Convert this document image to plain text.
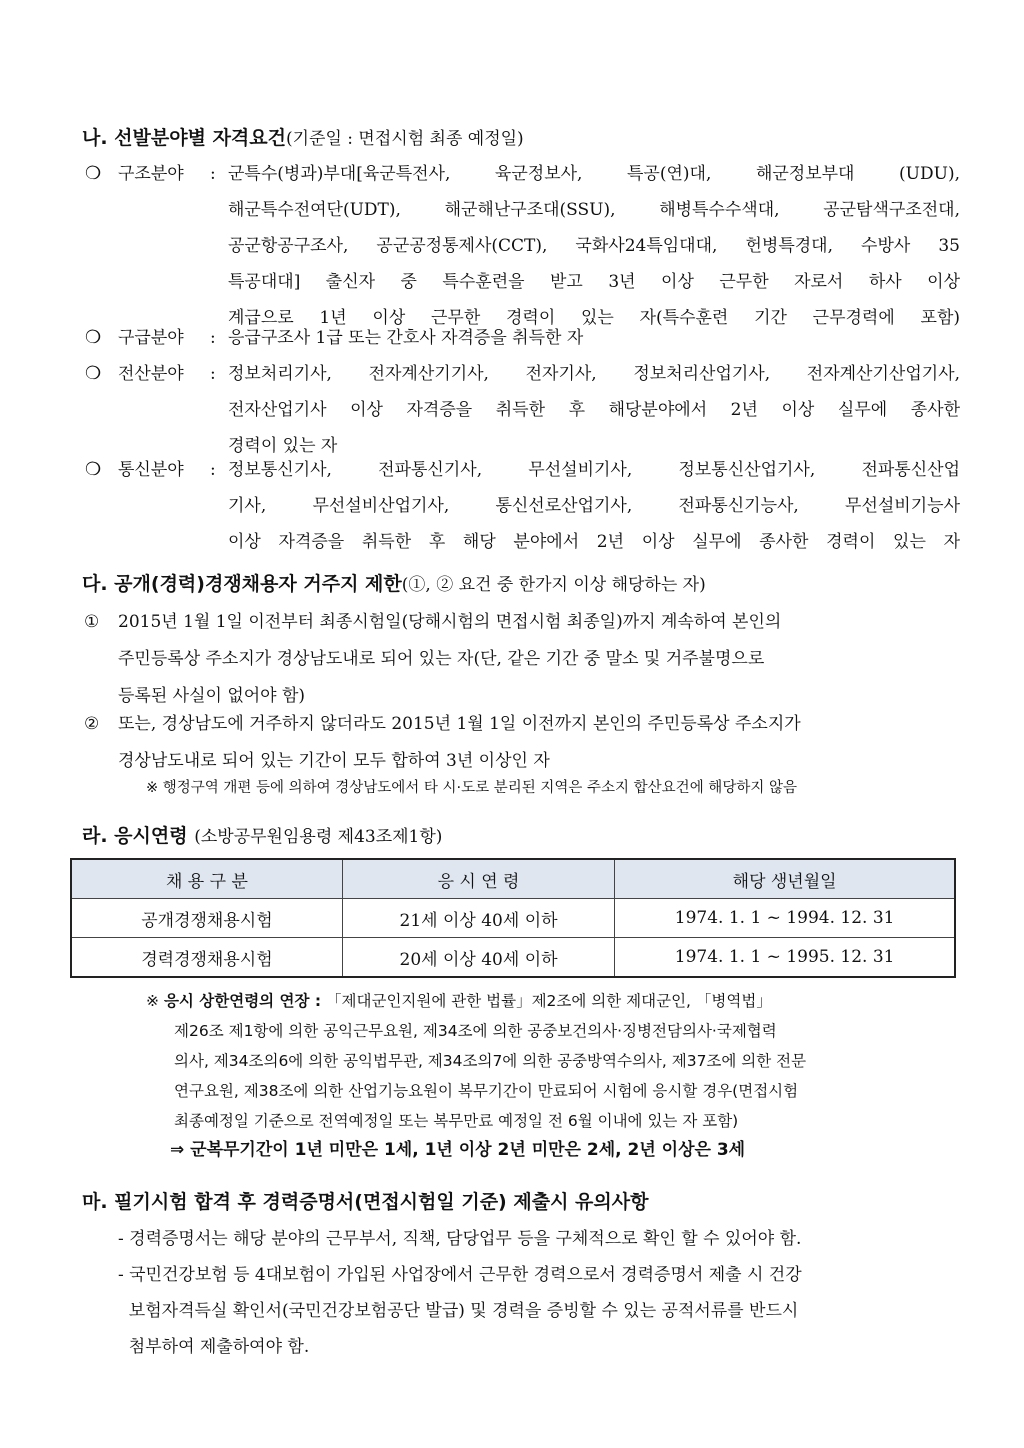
나. 선발분야별 자격요건(기준일 : 면접시험 최종 예정일)
❍ 구조분야 : 군특수(병과)부대[육군특전사, 육군정보사, 특공(연)대, 해군정보부대 (UDU),
해군특수전여단(UDT), 해군해난구조대(SSU), 해병특수수색대, 공군탐색구조전대,
공군항공구조사, 공군공정통제사(CCT), 국화사24특임대대, 헌병특경대, 수방사 35
특공대대] 출신자 중 특수훈련을 받고 3년 이상 근무한 자로서 하사 이상
계급으로 1년 이상 근무한 경력이 있는 자(특수훈련 기간 근무경력에 포함)
❍ 구급분야 : 응급구조사 1급 또는 간호사 자격증을 취득한 자
❍ 전산분야 : 정보처리기사, 전자계산기기사, 전자기사, 정보처리산업기사, 전자계산기산업기사,
전자산업기사 이상 자격증을 취득한 후 해당분야에서 2년 이상 실무에 종사한
경력이 있는 자
❍ 통신분야 : 정보통신기사, 전파통신기사, 무선설비기사, 정보통신산업기사, 전파통신산업
기사, 무선설비산업기사, 통신선로산업기사, 전파통신기능사, 무선설비기능사
이상 자격증을 취득한 후 해당 분야에서 2년 이상 실무에 종사한 경력이 있는 자
다. 공개(경력)경쟁채용자 거주지 제한(①, ② 요건 중 한가지 이상 해당하는 자)
① 2015년 1월 1일 이전부터 최종시험일(당해시험의 면접시험 최종일)까지 계속하여 본인의
주민등록상 주소지가 경상남도내로 되어 있는 자(단, 같은 기간 중 말소 및 거주불명으로
등록된 사실이 없어야 함)
② 또는, 경상남도에 거주하지 않더라도 2015년 1월 1일 이전까지 본인의 주민등록상 주소지가
경상남도내로 되어 있는 기간이 모두 합하여 3년 이상인 자
※ 행정구역 개편 등에 의하여 경상남도에서 타 시·도로 분리된 지역은 주소지 합산요건에 해당하지 않음
라. 응시연령 (소방공무원임용령 제43조제1항)
채 용 구 분	응 시 연 령	해당 생년월일
공개경쟁채용시험	21세 이상 40세 이하	1974. 1. 1 ~ 1994. 12. 31
경력경쟁채용시험	20세 이상 40세 이하	1974. 1. 1 ~ 1995. 12. 31
※ 응시 상한연령의 연장 : 「제대군인지원에 관한 법률」제2조에 의한 제대군인, 「병역법」
제26조 제1항에 의한 공익근무요원, 제34조에 의한 공중보건의사·징병전담의사·국제협력
의사, 제34조의6에 의한 공익법무관, 제34조의7에 의한 공중방역수의사, 제37조에 의한 전문
연구요원, 제38조에 의한 산업기능요원이 복무기간이 만료되어 시험에 응시할 경우(면접시험
최종예정일 기준으로 전역예정일 또는 복무만료 예정일 전 6월 이내에 있는 자 포함)
⇒ 군복무기간이 1년 미만은 1세, 1년 이상 2년 미만은 2세, 2년 이상은 3세
마. 필기시험 합격 후 경력증명서(면접시험일 기준) 제출시 유의사항
- 경력증명서는 해당 분야의 근무부서, 직책, 담당업무 등을 구체적으로 확인 할 수 있어야 함.
- 국민건강보험 등 4대보험이 가입된 사업장에서 근무한 경력으로서 경력증명서 제출 시 건강
보험자격득실 확인서(국민건강보험공단 발급) 및 경력을 증빙할 수 있는 공적서류를 반드시
첨부하여 제출하여야 함.
